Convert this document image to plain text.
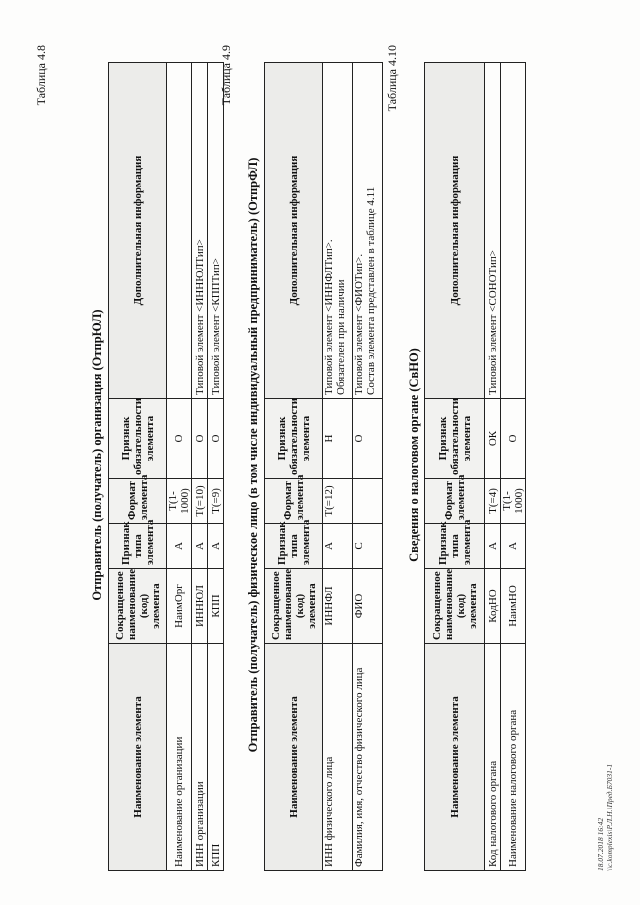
Таблица 4.8
Отправитель (получатель) организация (ОтпрЮЛ)
Наименование элемента	Сокращенное наименование (код) элемента	Признак типа элемента	Формат элемента	Признак обязательности элемента	Дополнительная информация
Наименование организации	НаимОрг	А	T(1-1000)	О	
ИНН организации	ИННЮЛ	А	T(=10)	О	Типовой элемент <ИННЮЛТип>
КПП	КПП	А	T(=9)	О	Типовой элемент <КППТип>
Таблица 4.9
Отправитель (получатель) физическое лицо (в том числе индивидуальный предприниматель) (ОтпрФЛ)
Наименование элемента	Сокращенное наименование (код) элемента	Признак типа элемента	Формат элемента	Признак обязательности элемента	Дополнительная информация
ИНН физического лица	ИННФЛ	А	T(=12)	Н	Типовой элемент <ИННФЛТип>.
Обязателен при наличии
Фамилия, имя, отчество физического лица	ФИО	С		О	Типовой элемент <ФИОТип>.
Состав элемента представлен в таблице 4.11
Таблица 4.10
Сведения о налоговом органе (СвНО)
Наименование элемента	Сокращенное наименование (код) элемента	Признак типа элемента	Формат элемента	Признак обязательности элемента	Дополнительная информация
Код налогового органа	КодНО	А	T(=4)	ОК	Типовой элемент <СОНОТип>
Наименование налогового органа	НаимНО	А	T(1-1000)	О	
18.07.2018 16:42 \\c.komplexis\Р.Л.Н.\Пред.Б7031-1
